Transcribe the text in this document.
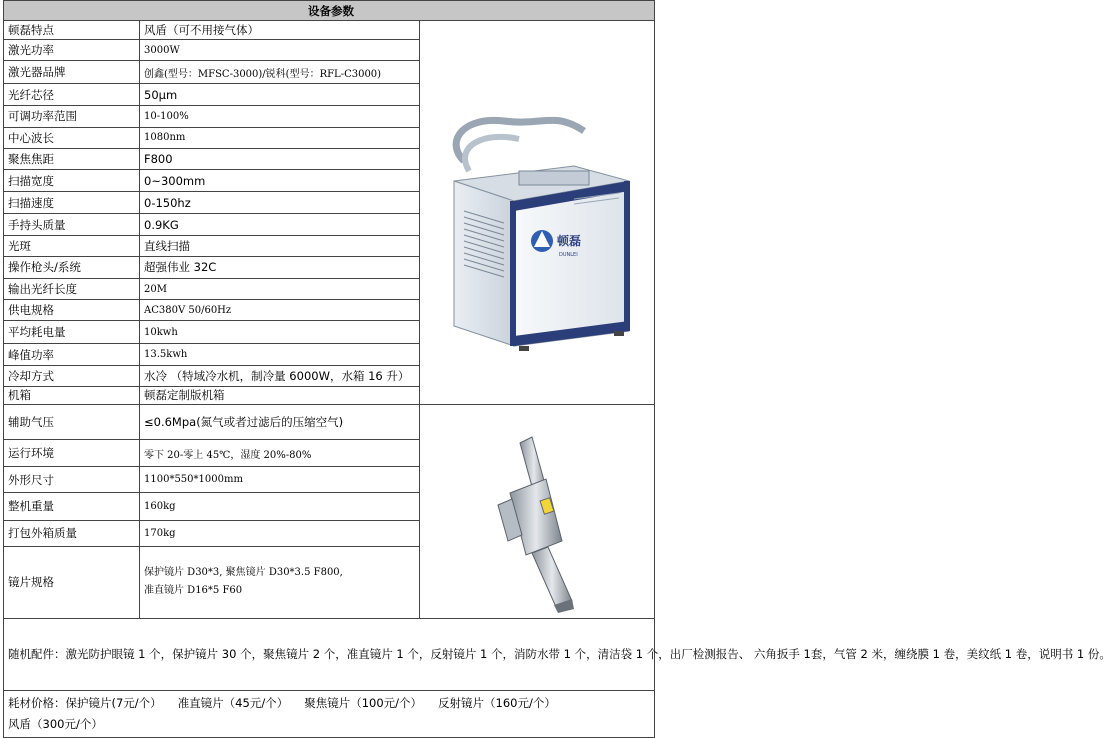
设备参数		
顿磊特点	风盾（可不用接气体）	顿磊
DUNLEI

激光功率	3000W	
激光器品牌	创鑫(型号：MFSC-3000)/锐科(型号：RFL-C3000)	
光纤芯径	50μm	
可调功率范围	10-100%	
中心波长	1080nm	
聚焦焦距	F800	
扫描宽度	0~300mm	
扫描速度	0-150hz	
手持头质量	0.9KG	
光斑	直线扫描	
操作枪头/系统	超强伟业 32C	
输出光纤长度	20M	
供电规格	AC380V 50/60Hz	
平均耗电量	10kwh	
峰值功率	13.5kwh	
冷却方式	水冷 （特域冷水机，制冷量 6000W，水箱 16 升）	
机箱	顿磊定制版机箱	
辅助气压	≤0.6Mpa(氮气或者过滤后的压缩空气)	
运行环境	零下 20-零上 45℃，湿度 20%-80%	
外形尺寸	1100*550*1000mm	
整机重量	160kg	
打包外箱质量	170kg	
镜片规格	保护镜片 D30*3, 聚焦镜片 D30*3.5 F800,
准直镜片 D16*5 F60	

随机配件：激光防护眼镜 1 个，保护镜片 30 个，聚焦镜片 2 个，准直镜片 1 个，反射镜片 1 个，消防水带 1 个，清洁袋 1 个，出厂检测报告、 六角扳手 1套，气管 2 米，缠绕膜 1 卷，美纹纸 1 卷，说明书 1 份。		
耗材价格：保护镜片(7元/个） 准直镜片（45元/个） 聚焦镜片（100元/个） 反射镜片（160元/个）
风盾（300元/个）		
